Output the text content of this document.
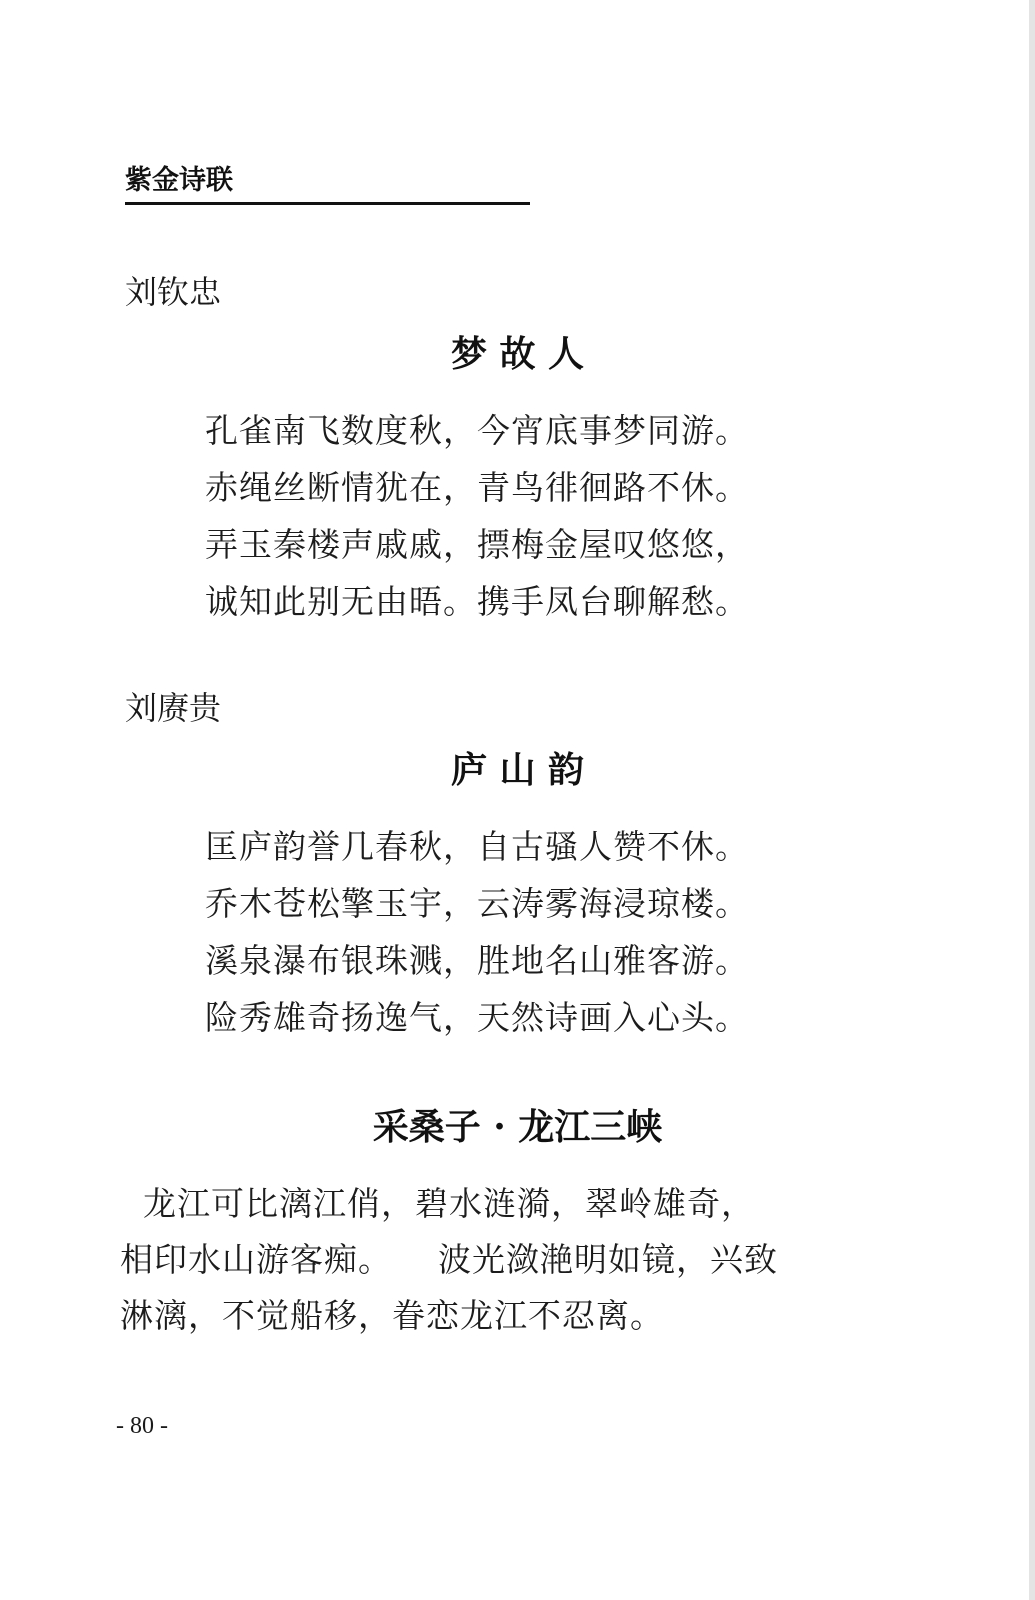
紫金诗联
刘钦忠
梦 故 人
孔雀南飞数度秋，今宵底事梦同游。
赤绳丝断情犹在，青鸟徘徊路不休。
弄玉秦楼声戚戚，摽梅金屋叹悠悠，
诚知此别无由晤。携手凤台聊解愁。
刘赓贵
庐 山 韵
匡庐韵誉几春秋，自古骚人赞不休。
乔木苍松擎玉宇，云涛雾海浸琼楼。
溪泉瀑布银珠溅，胜地名山雅客游。
险秀雄奇扬逸气，天然诗画入心头。
采桑子 · 龙江三峡
龙江可比漓江俏，碧水涟漪，翠岭雄奇，
相印水山游客痴。    波光潋滟明如镜，兴致
淋漓，不觉船移，眷恋龙江不忍离。
- 80 -
